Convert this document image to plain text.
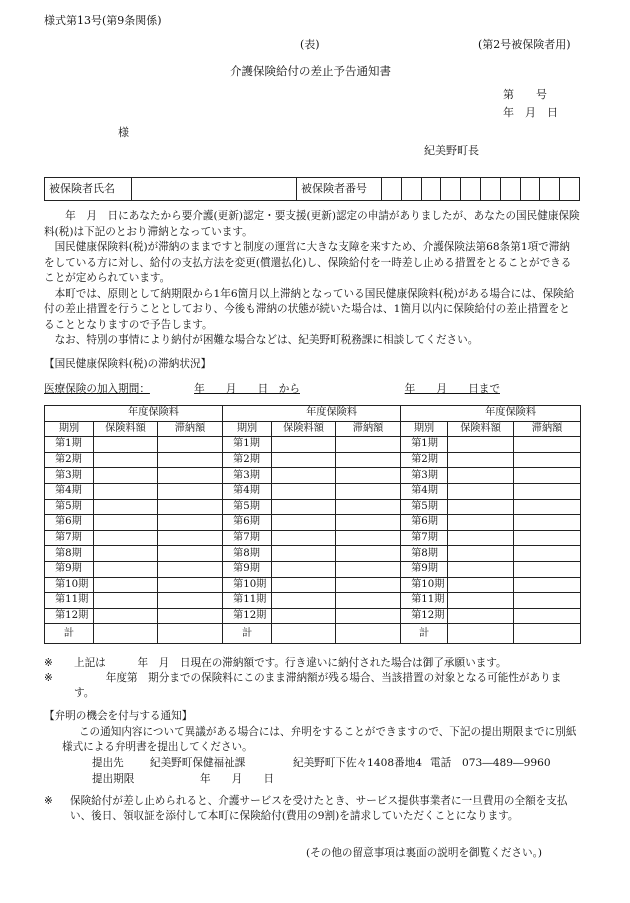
様式第13号(第9条関係)
(表)	(第2号被保険者用)
介護保険給付の差止予告通知書
第　　号
年　月　日
様
紀美野町長
被保険者氏名		被保険者番号	

　年　月　日にあなたから要介護(更新)認定・要支援(更新)認定の申請がありましたが、あなたの国民健康保険料(税)は下記のとおり滞納となっています。

国民健康保険料(税)が滞納のままですと制度の運営に大きな支障を来すため、介護保険法第68条第1項で滞納をしている方に対し、給付の支払方法を変更(償還払化)し、保険給付を一時差し止める措置をとることができることが定められています。

本町では、原則として納期限から1年6箇月以上滞納となっている国民健康保険料(税)がある場合には、保険給付の差止措置を行うこととしており、今後も滞納の状態が続いた場合は、1箇月以内に保険給付の差止措置をとることとなりますので予告します。

なお、特別の事情により納付が困難な場合などは、紀美野町税務課に相談してください。

【国民健康保険料(税)の滞納状況】
医療保険の加入期間：	年　　月　　日　から	年　　月　　日まで
年度保険料			年度保険料			年度保険料		
期別	保険料額	滞納額	期別	保険料額	滞納額	期別	保険料額	滞納額
第1期			第1期			第1期		
第2期			第2期			第2期		
第3期			第3期			第3期		
第4期			第4期			第4期		
第5期			第5期			第5期		
第6期			第6期			第6期		
第7期			第7期			第7期		
第8期			第8期			第8期		
第9期			第9期			第9期		
第10期			第10期			第10期		
第11期			第11期			第11期		
第12期			第12期			第12期		
計			計			計		
※	上記は　　　年　月　日現在の滞納額です。行き違いに納付された場合は御了承願います。
※	　　　年度第　期分までの保険料にこのまま滞納額が残る場合、当該措置の対象となる可能性があります。
【弁明の機会を付与する通知】

この通知内容について異議がある場合には、弁明をすることができますので、下記の提出期限までに別紙様式による弁明書を提出してください。

提出先 紀美野町保健福祉課	紀美野町下佐々1408番地4 電話 073―489―9960
提出期限	年　　月　　日
※	保険給付が差し止められると、介護サービスを受けたとき、サービス提供事業者に一旦費用の全額を支払い、後日、領収証を添付して本町に保険給付(費用の9割)を請求していただくことになります。
(その他の留意事項は裏面の説明を御覧ください。)
